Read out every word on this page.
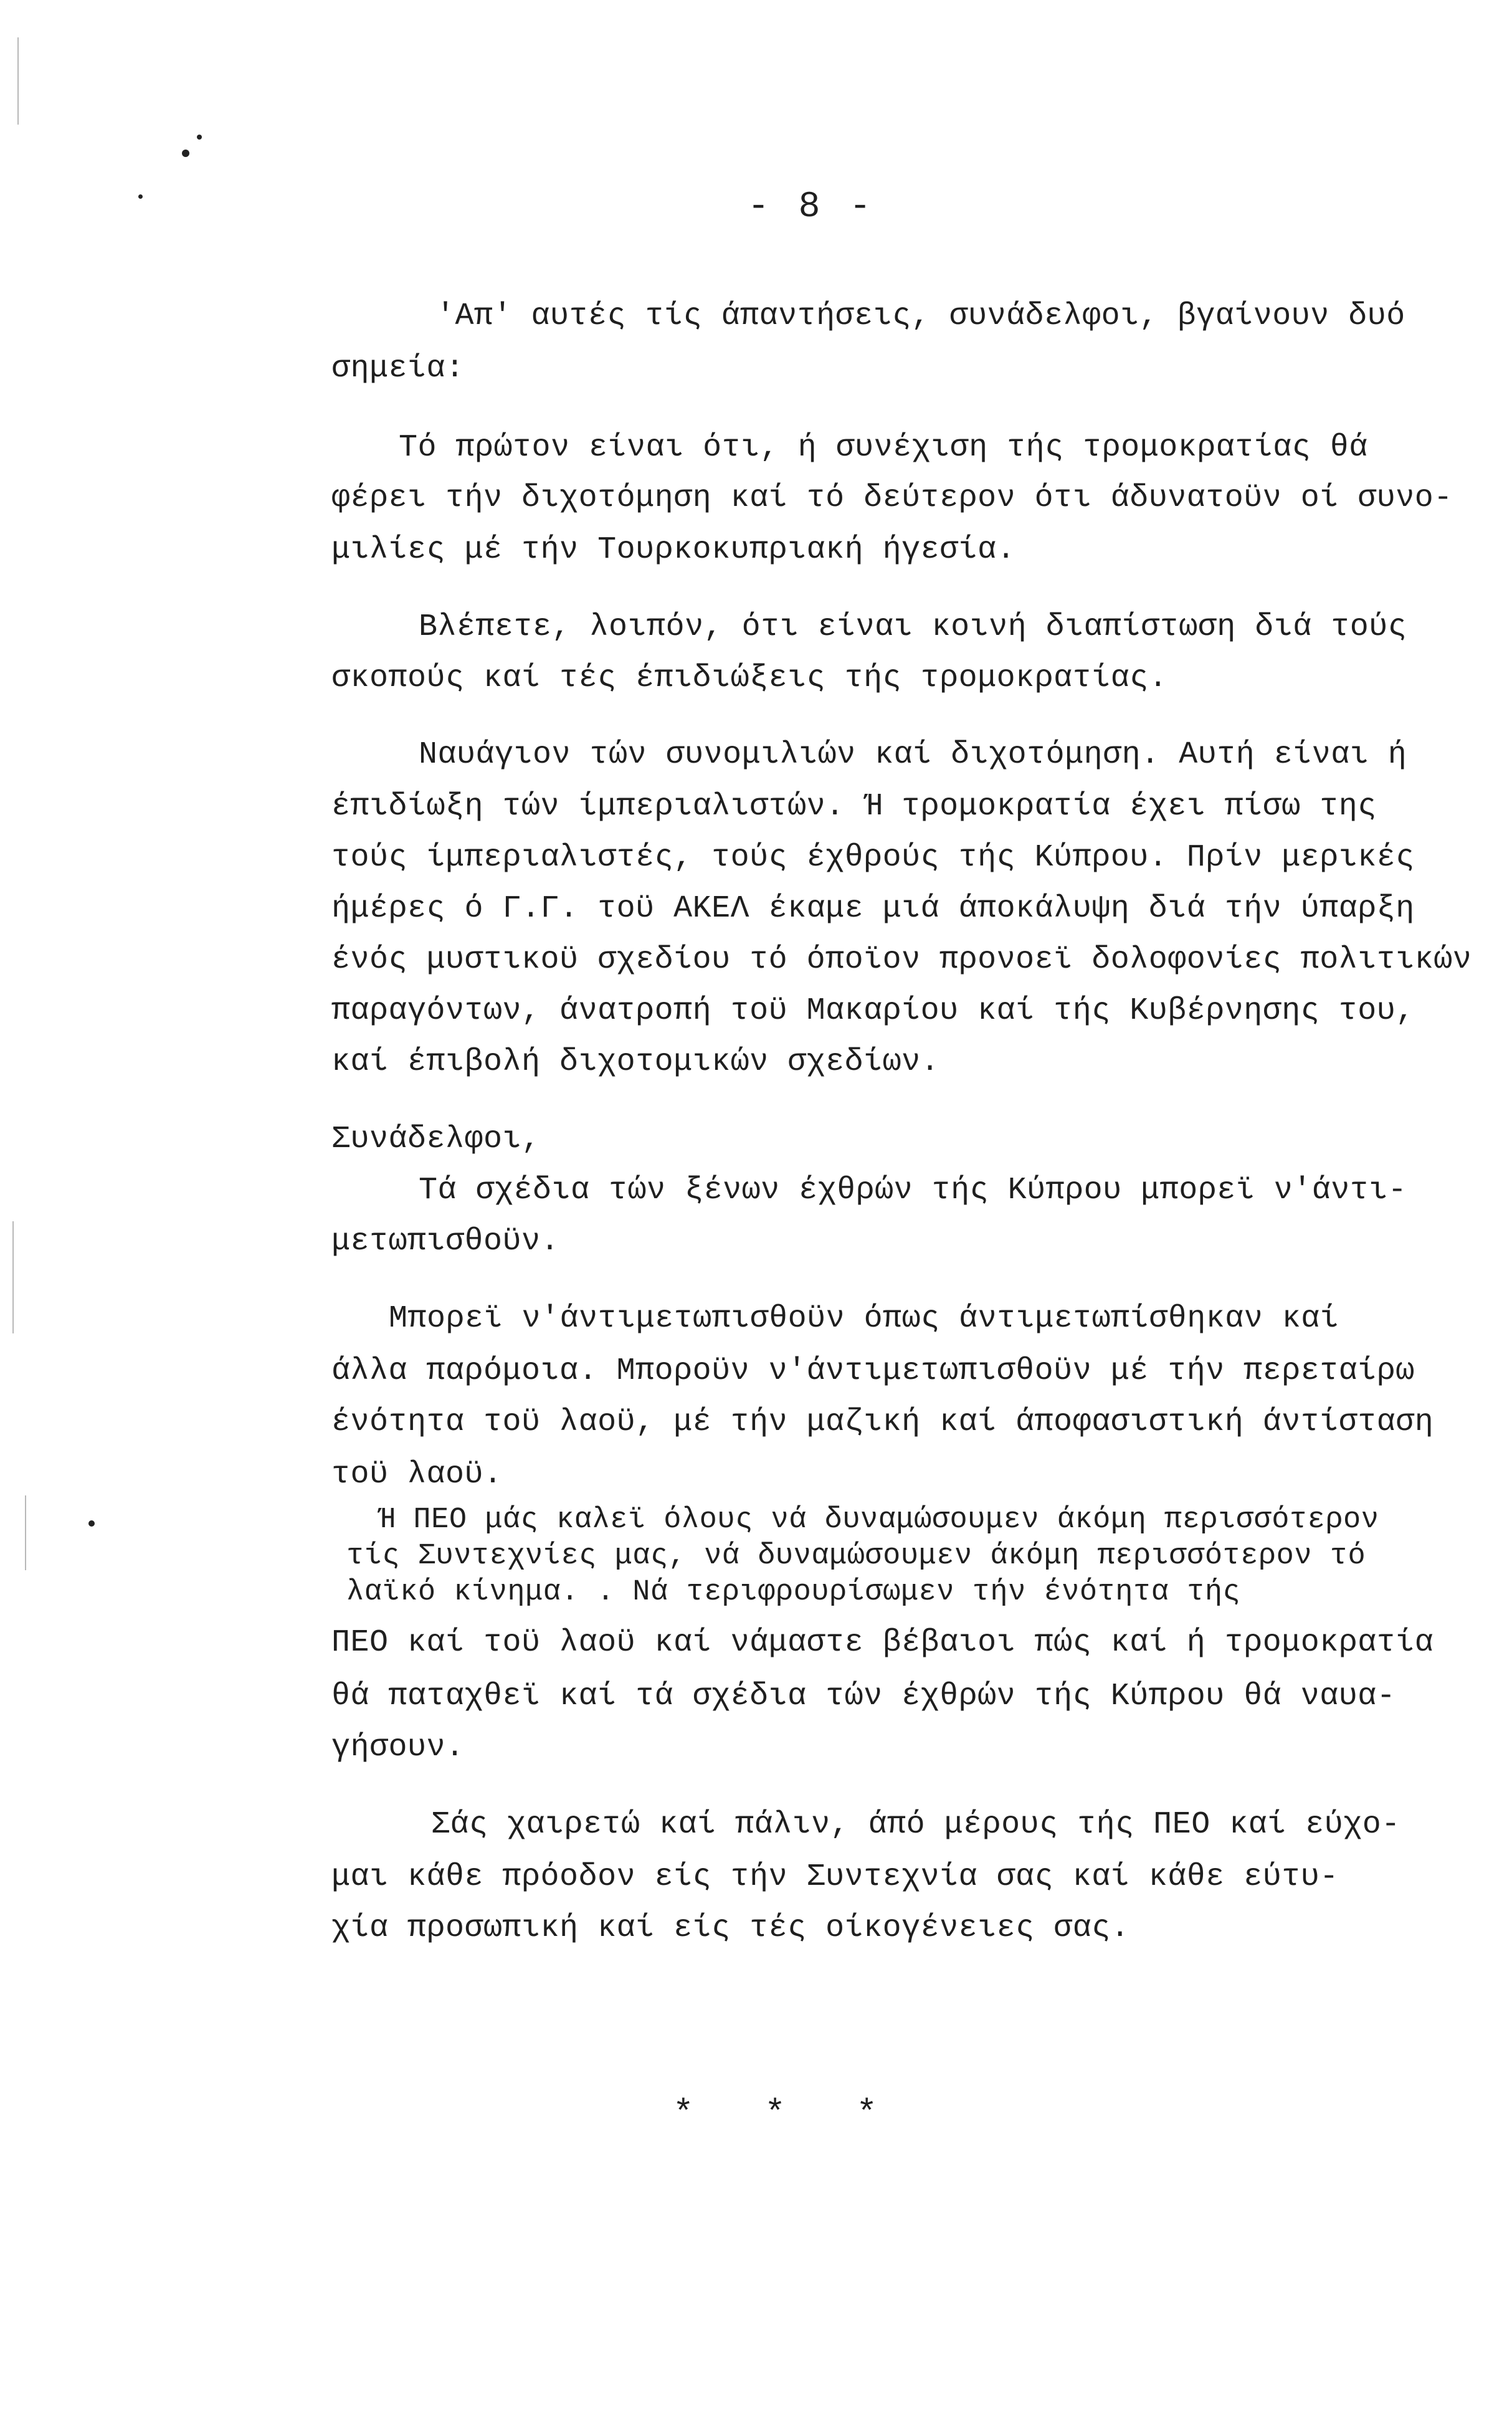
- 8 -
'Απ' αυτές τίς άπαντήσεις, συνάδελφοι, βγαίνουν δυό
σημεία:
Τό πρώτον είναι ότι, ή συνέχιση τής τρομοκρατίας θά
φέρει τήν διχοτόμηση καί τό δεύτερον ότι άδυνατοϋν οί συνο-
μιλίες μέ τήν Τουρκοκυπριακή ήγεσία.
Βλέπετε, λοιπόν, ότι είναι κοινή διαπίστωση διά τούς
σκοπούς καί τές έπιδιώξεις τής τρομοκρατίας.
Ναυάγιον τών συνομιλιών καί διχοτόμηση. Αυτή είναι ή
έπιδίωξη τών ίμπεριαλιστών. Ή τρομοκρατία έχει πίσω της
τούς ίμπεριαλιστές, τούς έχθρούς τής Κύπρου. Πρίν μερικές
ήμέρες ό Γ.Γ. τοϋ ΑΚΕΛ έκαμε μιά άποκάλυψη διά τήν ύπαρξη
ένός μυστικοϋ σχεδίου τό όποϊον προνοεϊ δολοφονίες πολιτικών
παραγόντων, άνατροπή τοϋ Μακαρίου καί τής Κυβέρνησης του,
καί έπιβολή διχοτομικών σχεδίων.
Συνάδελφοι,
Τά σχέδια τών ξένων έχθρών τής Κύπρου μπορεϊ ν'άντι-
μετωπισθοϋν.
Μπορεϊ ν'άντιμετωπισθοϋν όπως άντιμετωπίσθηκαν καί
άλλα παρόμοια. Μποροϋν ν'άντιμετωπισθοϋν μέ τήν περεταίρω
ένότητα τοϋ λαοϋ, μέ τήν μαζική καί άποφασιστική άντίσταση
τοϋ λαοϋ.
Ή ΠΕΟ μάς καλεϊ όλους νά δυναμώσουμεν άκόμη περισσότερον
τίς Συντεχνίες μας, νά δυναμώσουμεν άκόμη περισσότερον τό
λαϊκό κίνημα. . Νά τεριφρουρίσωμεν τήν ένότητα τής
ΠΕΟ καί τοϋ λαοϋ καί νάμαστε βέβαιοι πώς καί ή τρομοκρατία
θά παταχθεϊ καί τά σχέδια τών έχθρών τής Κύπρου θά ναυα-
γήσουν.
Σάς χαιρετώ καί πάλιν, άπό μέρους τής ΠΕΟ καί εύχο-
μαι κάθε πρόοδον είς τήν Συντεχνία σας καί κάθε εύτυ-
χία προσωπική καί είς τές οίκογένειες σας.
* * *
